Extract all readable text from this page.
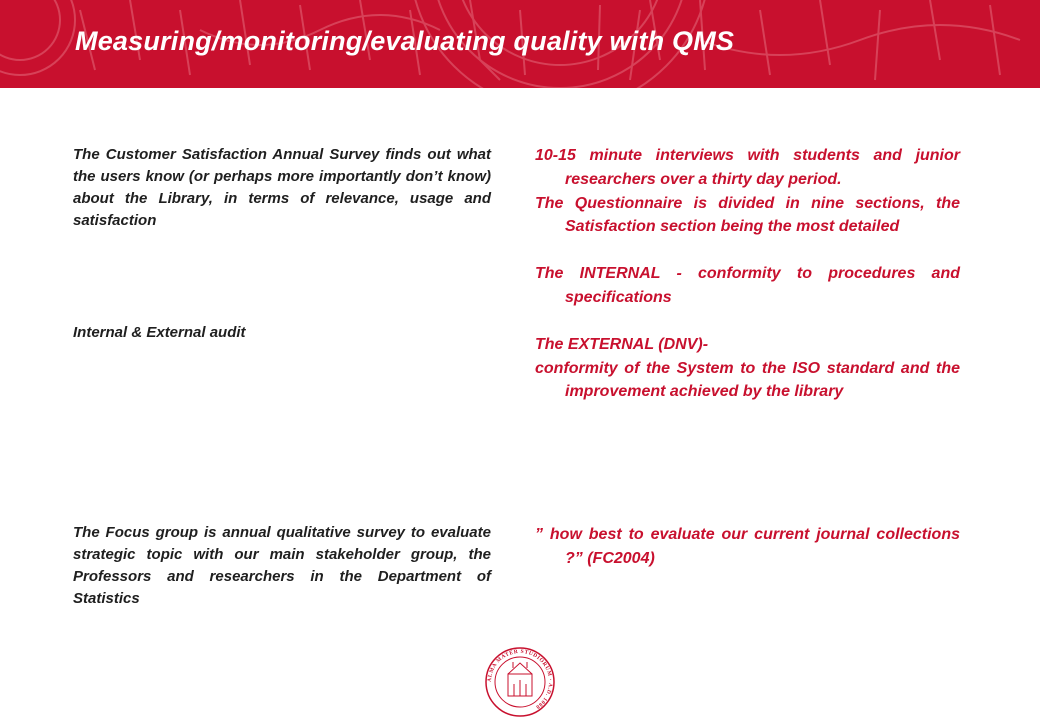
Measuring/monitoring/evaluating quality with QMS
The Customer Satisfaction Annual Survey finds out what the users know (or perhaps more importantly don’t know) about the Library, in terms of relevance, usage and satisfaction
Internal & External audit
The Focus group is annual qualitative survey to evaluate strategic topic with our main stakeholder group, the Professors and researchers in the Department of Statistics

10-15 minute interviews with students and junior researchers over a thirty day period.

The Questionnaire is divided in nine sections, the Satisfaction section being the most detailed

The INTERNAL - conformity to procedures and specifications

The EXTERNAL (DNV)-

conformity of the System to the ISO standard and the improvement achieved by the library

” how best to evaluate our current journal collections ?” (FC2004)

ALMA MATER STUDIORUM · A.D. 1088
